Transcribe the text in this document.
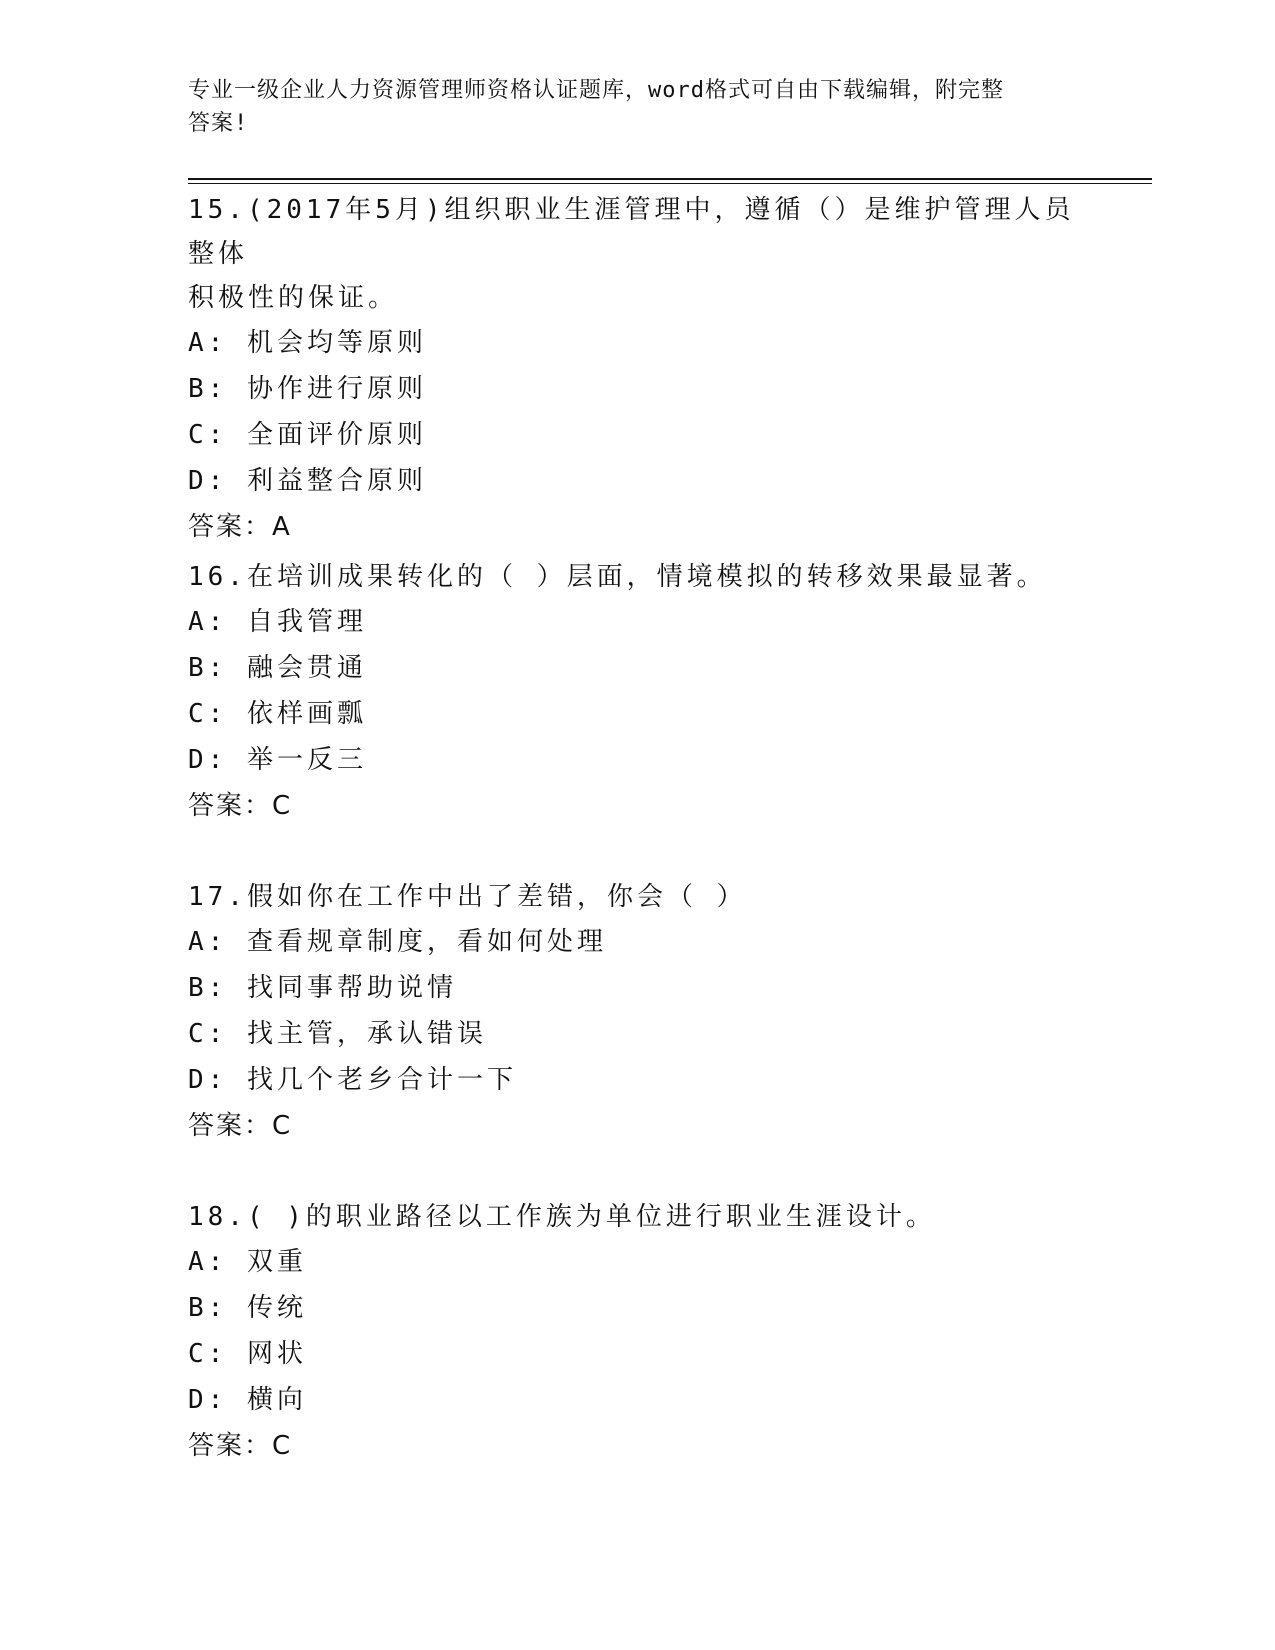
专业一级企业人力资源管理师资格认证题库，word格式可自由下载编辑，附完整
答案!
15.(2017年5月)组织职业生涯管理中，遵循（）是维护管理人员整体
积极性的保证。
A: 机会均等原则
B: 协作进行原则
C: 全面评价原则
D: 利益整合原则
答案：A
16.在培训成果转化的（ ）层面，情境模拟的转移效果最显著。
A: 自我管理
B: 融会贯通
C: 依样画瓢
D: 举一反三
答案：C
17.假如你在工作中出了差错，你会（ ）
A: 查看规章制度，看如何处理
B: 找同事帮助说情
C: 找主管，承认错误
D: 找几个老乡合计一下
答案：C
18.( )的职业路径以工作族为单位进行职业生涯设计。
A: 双重
B: 传统
C: 网状
D: 横向
答案：C
